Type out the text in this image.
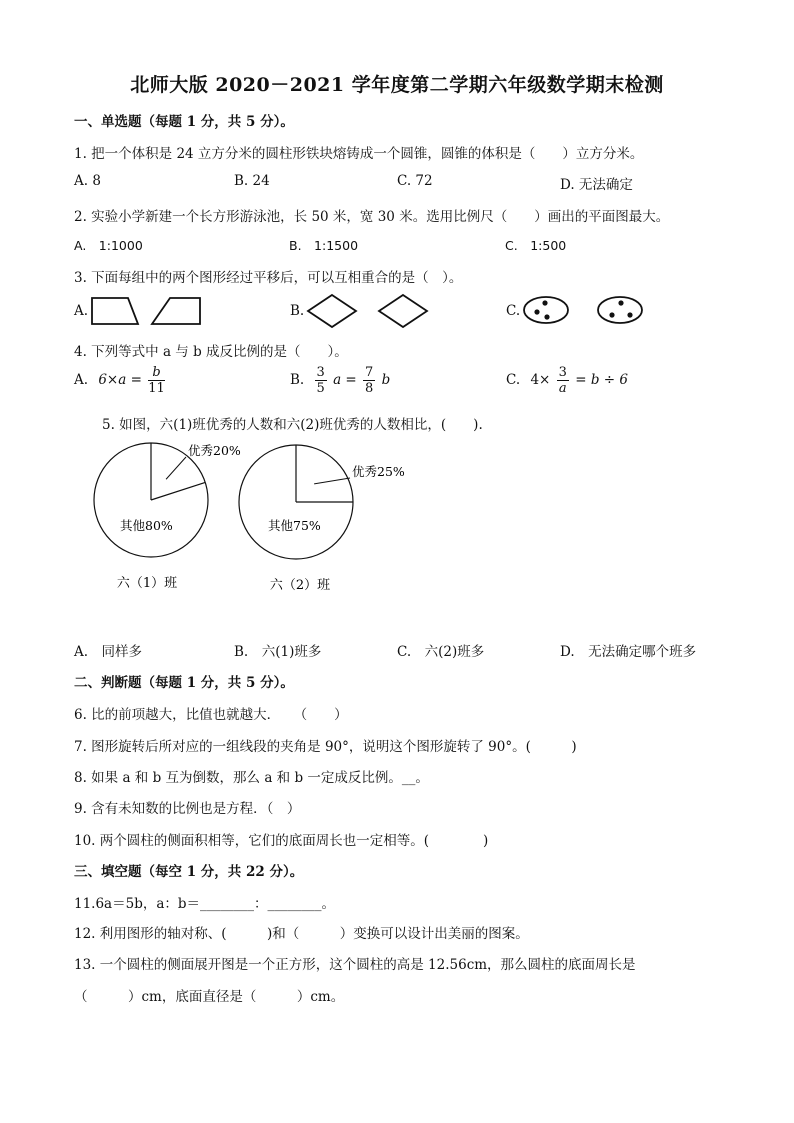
北师大版 2020－2021 学年度第二学期六年级数学期末检测
一、单选题（每题 1 分，共 5 分）。
1. 把一个体积是 24 立方分米的圆柱形铁块熔铸成一个圆锥，圆锥的体积是（　　）立方分米。
A. 8	B. 24	C. 72	D. 无法确定
2. 实验小学新建一个长方形游泳池，长 50 米，宽 30 米。选用比例尺（　　）画出的平面图最大。
A.　1:1000	B.　1:1500	C.　1:500
3. 下面每组中的两个图形经过平移后，可以互相重合的是（　）。
A.	B.	C.
4. 下列等式中 a 与 b 成反比例的是（　　）。
A. $6\times a = \frac{b}{11}$	B. $\frac{3}{5}$ $a = \frac{7}{8}$ b	C. $4\times \frac{3}{a} = b \div 6$
5. 如图，六(1)班优秀的人数和六(2)班优秀的人数相比，(　　).
优秀20%
其他80%
六（1）班
优秀25%
其他75%
六（2）班
A.　同样多	B.　六(1)班多	C.　六(2)班多	D.　无法确定哪个班多
二、判断题（每题 1 分，共 5 分）。
6. 比的前项越大，比值也就越大．　　（　　）
7. 图形旋转后所对应的一组线段的夹角是 90°，说明这个图形旋转了 90°。(　　　)
8. 如果 a 和 b 互为倒数，那么 a 和 b 一定成反比例。__。
9. 含有未知数的比例也是方程．（　）
10. 两个圆柱的侧面积相等，它们的底面周长也一定相等。(　　　　)
三、填空题（每空 1 分，共 22 分）。
11.6a＝5b，a：b＝________：________。
12. 利用图形的轴对称、(　　　)和（　　　）变换可以设计出美丽的图案。
13. 一个圆柱的侧面展开图是一个正方形，这个圆柱的高是 12.56cm，那么圆柱的底面周长是
（　　　）cm，底面直径是（　　　）cm。
